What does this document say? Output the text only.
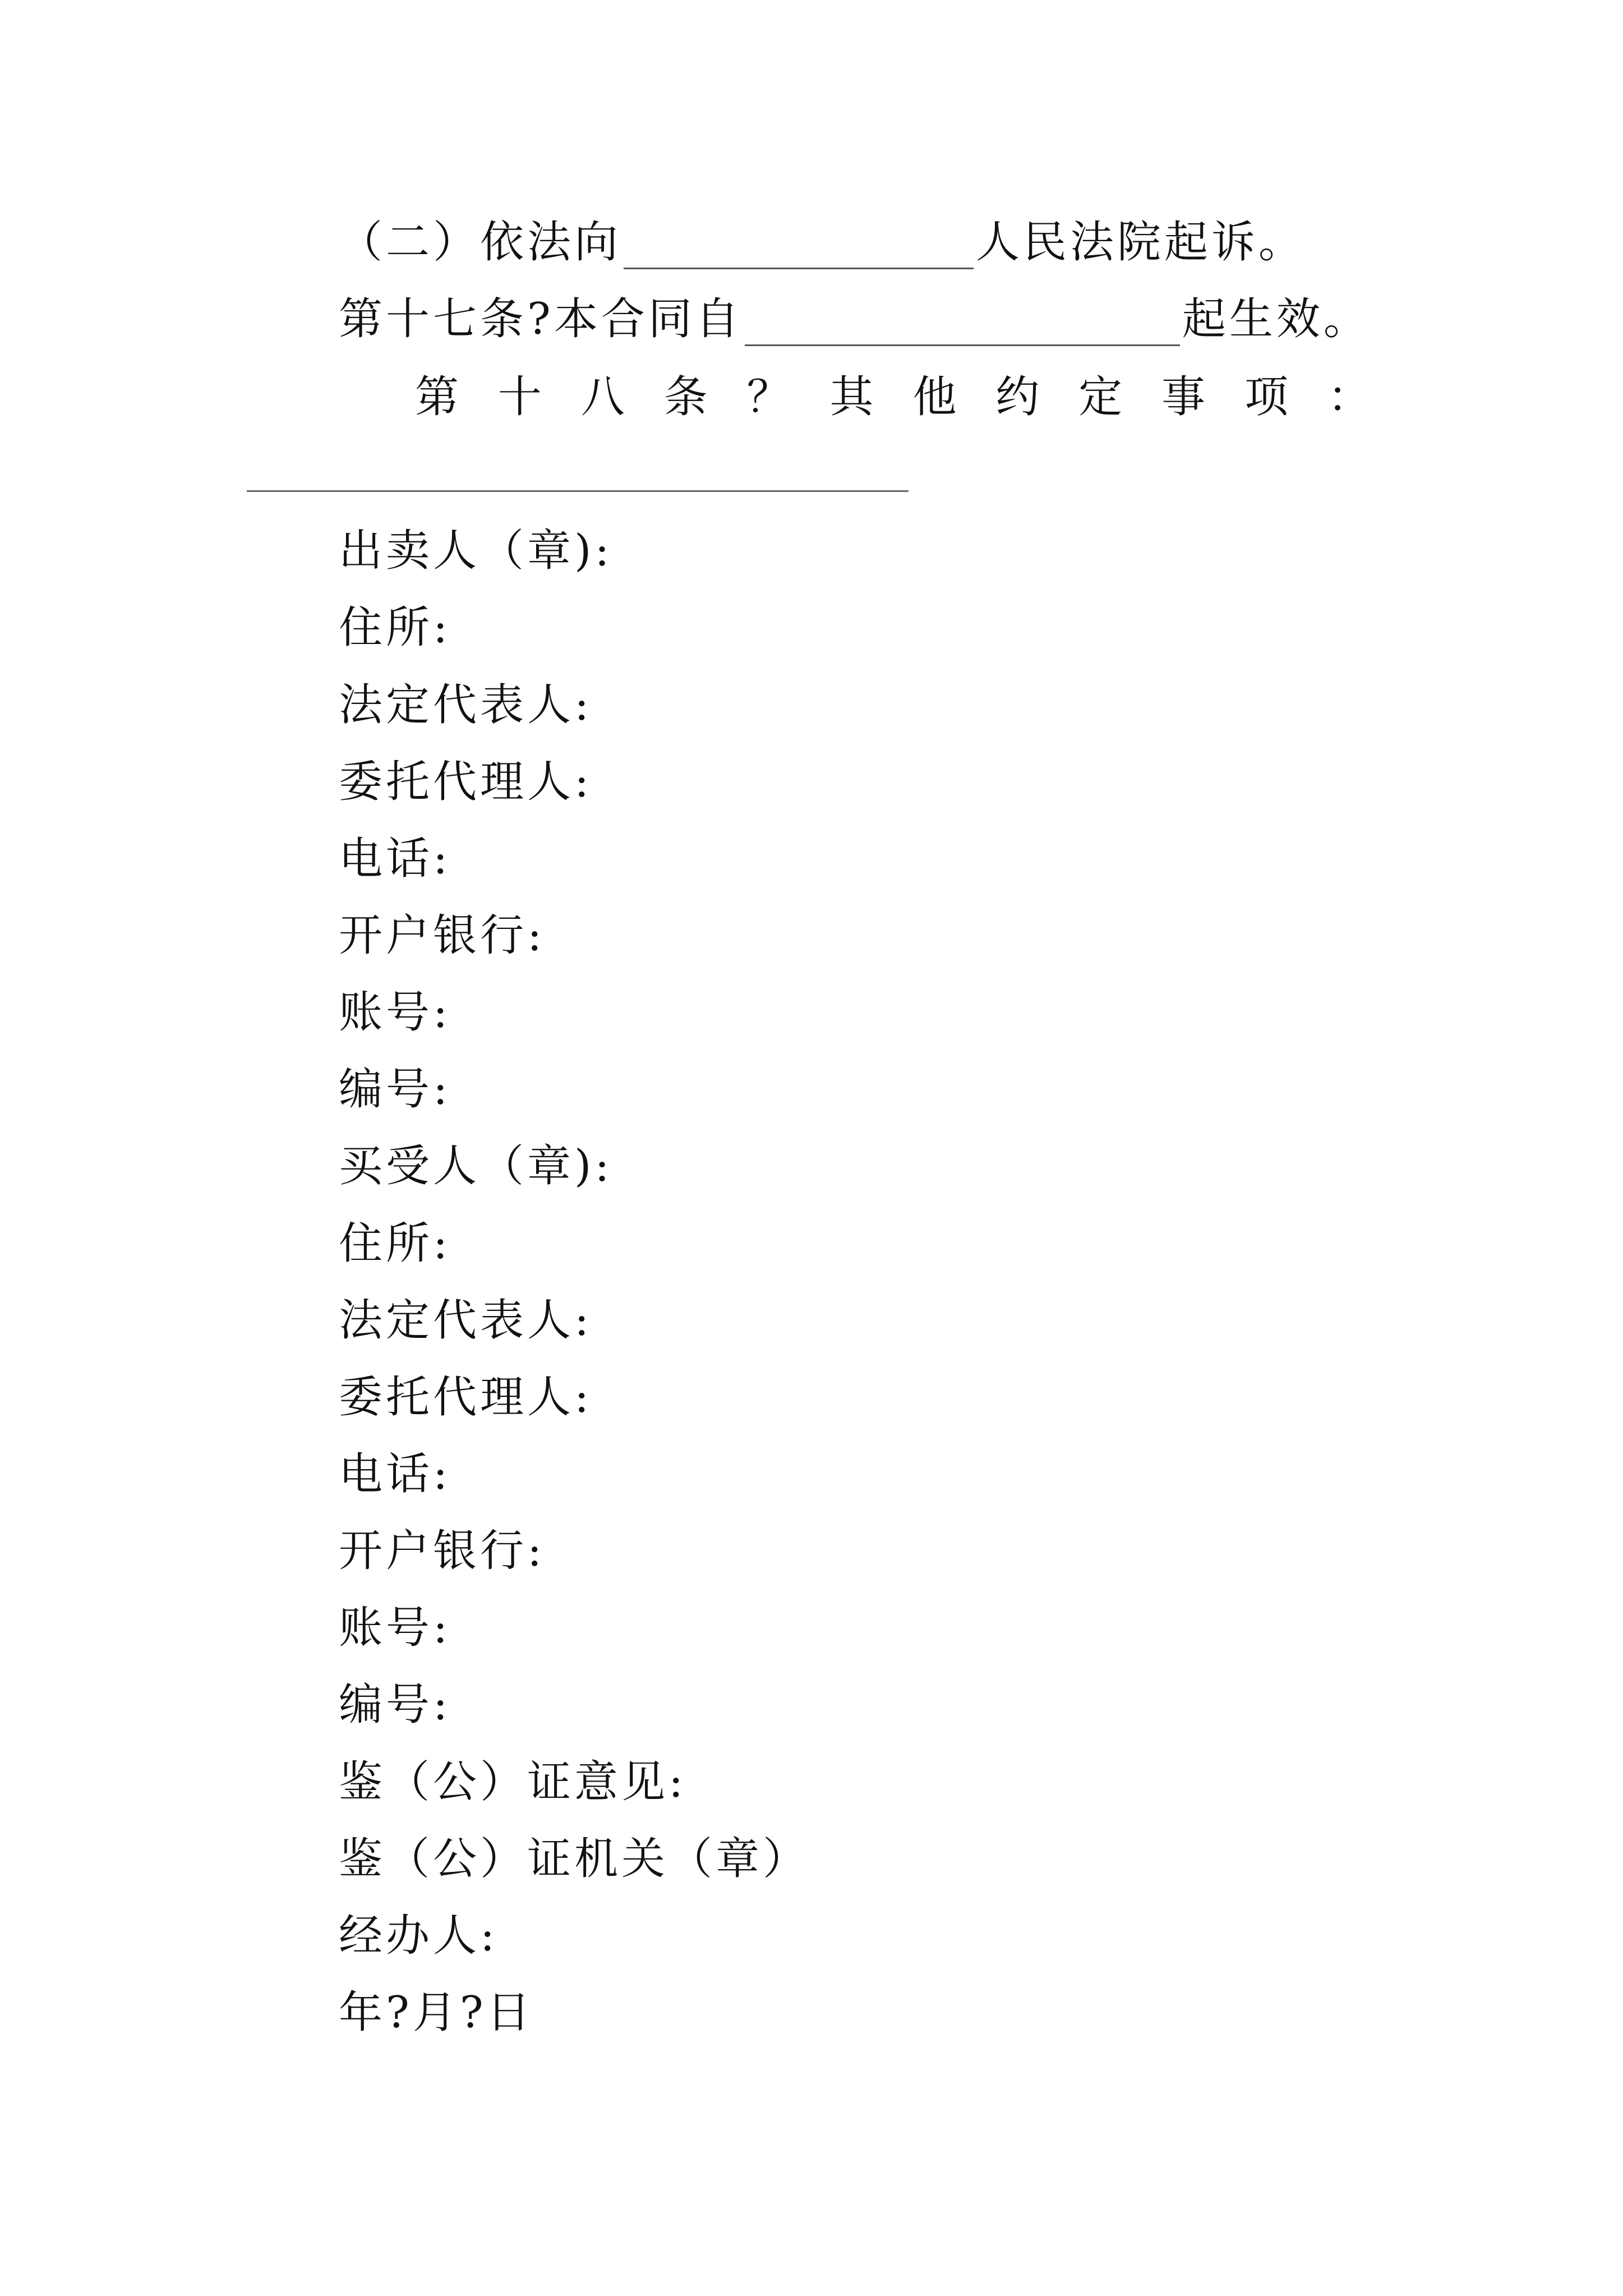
（二）依法向	人民法院起诉。
第十七条?本合同自	起生效。
第 十 八 条 ？ 其 他 约 定 事 项 ：
出卖人（章):
住所:
法定代表人:
委托代理人:
电话:
开户银行:
账号:
编号:
买受人（章):
住所:
法定代表人:
委托代理人:
电话:
开户银行:
账号:
编号:
鉴（公）证意见:
鉴（公）证机关（章）
经办人:
年?月?日
